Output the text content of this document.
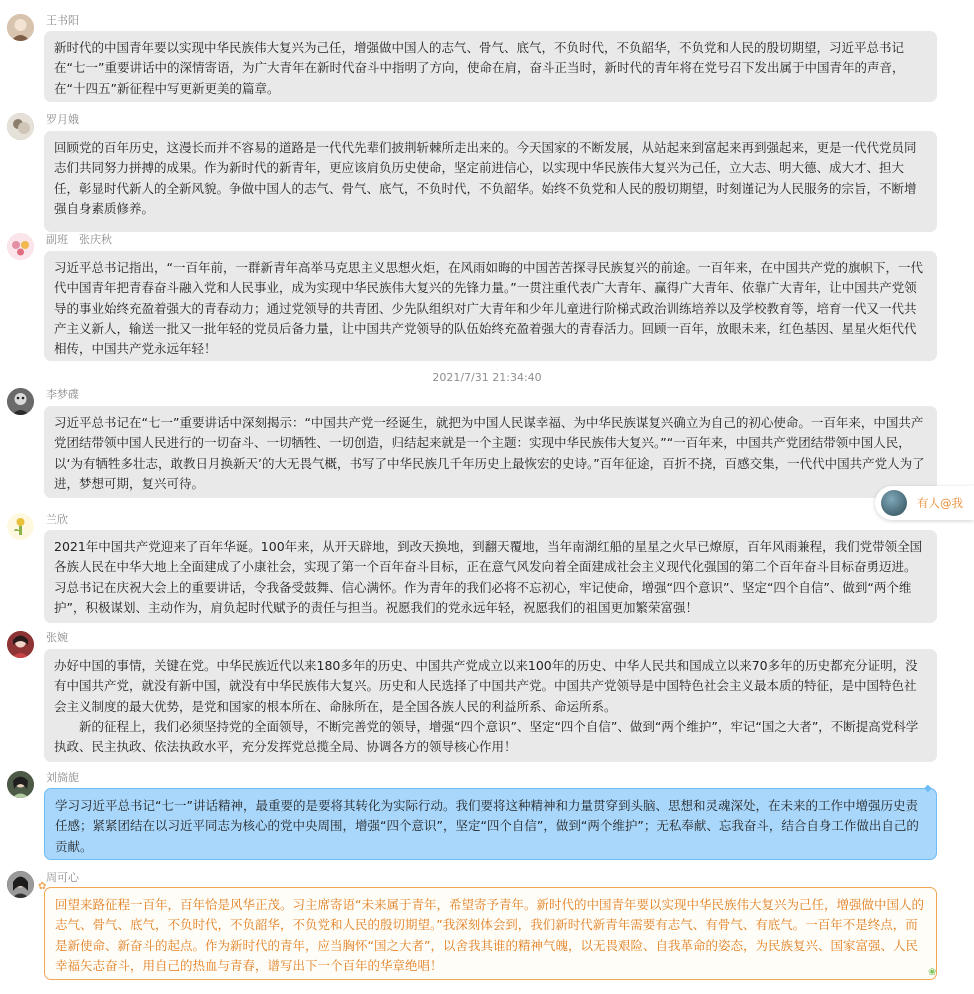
王书阳

新时代的中国青年要以实现中华民族伟大复兴为己任，增强做中国人的志气、骨气、底气，不负时代，不负韶华，不负党和人民的殷切期望，习近平总书记在“七一”重要讲话中的深情寄语，为广大青年在新时代奋斗中指明了方向，使命在肩，奋斗正当时，新时代的青年将在党号召下发出属于中国青年的声音，在“十四五”新征程中写更新更美的篇章。

罗月娥

回顾党的百年历史，这漫长而并不容易的道路是一代代先辈们披荆斩棘所走出来的。今天国家的不断发展，从站起来到富起来再到强起来，更是一代代党员同志们共同努力拼搏的成果。作为新时代的新青年，更应该肩负历史使命，坚定前进信心，以实现中华民族伟大复兴为己任，立大志、明大德、成大才、担大任，彰显时代新人的全新风貌。争做中国人的志气、骨气、底气，不负时代，不负韶华。始终不负党和人民的殷切期望，时刻谨记为人民服务的宗旨，不断增强自身素质修养。

副班　张庆秋

习近平总书记指出，“一百年前，一群新青年高举马克思主义思想火炬，在风雨如晦的中国苦苦探寻民族复兴的前途。一百年来，在中国共产党的旗帜下，一代代中国青年把青春奋斗融入党和人民事业，成为实现中华民族伟大复兴的先锋力量。”一贯注重代表广大青年、赢得广大青年、依靠广大青年，让中国共产党领导的事业始终充盈着强大的青春动力；通过党领导的共青团、少先队组织对广大青年和少年儿童进行阶梯式政治训练培养以及学校教育等，培育一代又一代共产主义新人，输送一批又一批年轻的党员后备力量，让中国共产党领导的队伍始终充盈着强大的青春活力。回顾一百年，放眼未来，红色基因、星星火炬代代相传，中国共产党永远年轻！

2021/7/31 21:34:40
李梦碟

习近平总书记在“七一”重要讲话中深刻揭示：“中国共产党一经诞生，就把为中国人民谋幸福、为中华民族谋复兴确立为自己的初心使命。一百年来，中国共产党团结带领中国人民进行的一切奋斗、一切牺牲、一切创造，归结起来就是一个主题：实现中华民族伟大复兴。”“一百年来，中国共产党团结带领中国人民，以‘为有牺牲多壮志，敢教日月换新天’的大无畏气概，书写了中华民族几千年历史上最恢宏的史诗。”百年征途，百折不挠，百感交集，一代代中国共产党人为了进，梦想可期，复兴可待。

兰欣

2021年中国共产党迎来了百年华诞。100年来，从开天辟地，到改天换地，到翻天覆地，当年南湖红船的星星之火早已燎原，百年风雨兼程，我们党带领全国各族人民在中华大地上全面建成了小康社会，实现了第一个百年奋斗目标，正在意气风发向着全面建成社会主义现代化强国的第二个百年奋斗目标奋勇迈进。习总书记在庆祝大会上的重要讲话，令我备受鼓舞、信心满怀。作为青年的我们必将不忘初心，牢记使命，增强“四个意识”、坚定“四个自信”、做到“两个维护”，积极谋划、主动作为，肩负起时代赋予的责任与担当。祝愿我们的党永远年轻，祝愿我们的祖国更加繁荣富强！

张婉

办好中国的事情，关键在党。中华民族近代以来180多年的历史、中国共产党成立以来100年的历史、中华人民共和国成立以来70多年的历史都充分证明，没有中国共产党，就没有新中国，就没有中华民族伟大复兴。历史和人民选择了中国共产党。中国共产党领导是中国特色社会主义最本质的特征，是中国特色社会主义制度的最大优势，是党和国家的根本所在、命脉所在，是全国各族人民的利益所系、命运所系。

新的征程上，我们必须坚持党的全面领导，不断完善党的领导，增强“四个意识”、坚定“四个自信”、做到“两个维护”，牢记“国之大者”，不断提高党科学执政、民主执政、依法执政水平，充分发挥党总揽全局、协调各方的领导核心作用！

刘旖旎

学习习近平总书记“七一”讲话精神，最重要的是要将其转化为实际行动。我们要将这种精神和力量贯穿到头脑、思想和灵魂深处，在未来的工作中增强历史责任感；紧紧团结在以习近平同志为核心的党中央周围，增强“四个意识”，坚定“四个自信”，做到“两个维护”；无私奉献、忘我奋斗，结合自身工作做出自己的贡献。

◆
周可心

回望来路征程一百年，百年恰是风华正茂。习主席寄语“未来属于青年，希望寄予青年。新时代的中国青年要以实现中华民族伟大复兴为己任，增强做中国人的志气、骨气、底气，不负时代，不负韶华，不负党和人民的殷切期望。”我深刻体会到，我们新时代新青年需要有志气、有骨气、有底气。一百年不是终点，而是新使命、新奋斗的起点。作为新时代的青年，应当胸怀“国之大者”，以舍我其谁的精神气魄，以无畏艰险、自我革命的姿态，为民族复兴、国家富强、人民幸福矢志奋斗，用自己的热血与青春，谱写出下一个百年的华章绝唱！

✿
❀
有人@我
